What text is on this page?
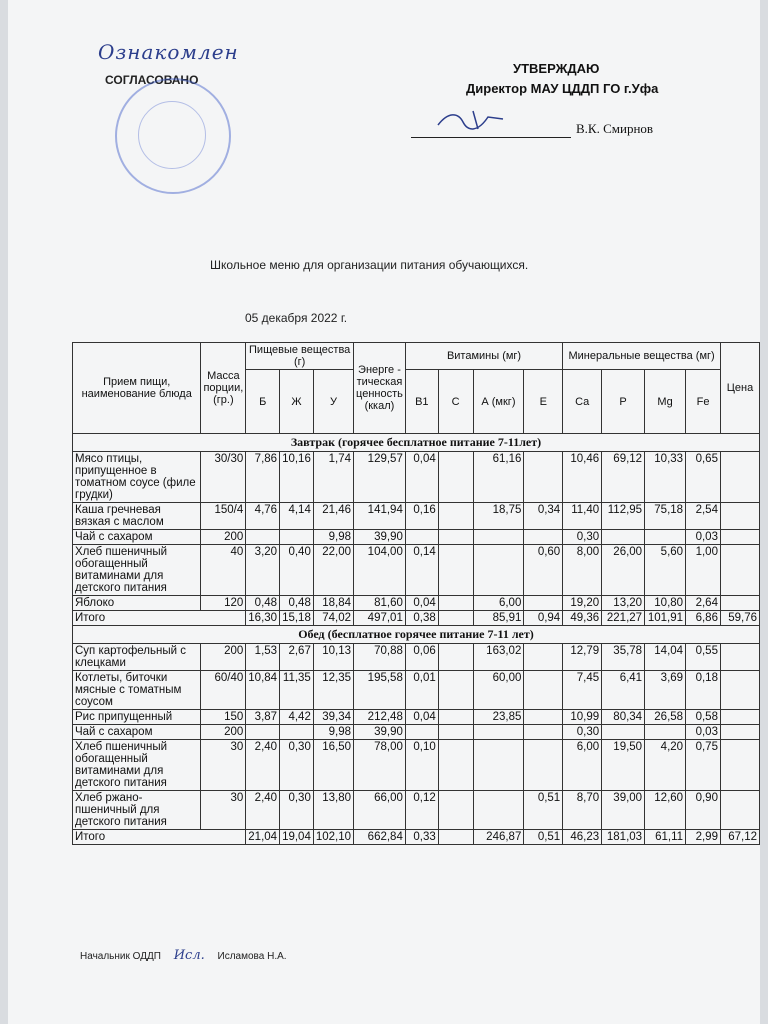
Ознакомлен
СОГЛАСОВАНО
УТВЕРЖДАЮ
Директор МАУ ЦДДП ГО г.Уфа
В.К. Смирнов
Школьное меню для организации питания обучающихся.
05 декабря 2022 г.
Прием пищи, наименование блюда	Масса порции, (гр.)	Пищевые вещества (г)			Энерге - тическая ценность (ккал)	Витамины (мг)				Минеральные вещества (мг)				Цена
		Б	Ж	У		В1	С	А (мкг)	Е	Ca	P	Mg	Fe	
Завтрак (горячее бесплатное питание 7-11лет)														
Мясо птицы, припущенное в томатном соусе (филе грудки)	30/30	7,86	10,16	1,74	129,57	0,04		61,16		10,46	69,12	10,33	0,65	
Каша гречневая вязкая с маслом	150/4	4,76	4,14	21,46	141,94	0,16		18,75	0,34	11,40	112,95	75,18	2,54	
Чай с сахаром	200			9,98	39,90					0,30			0,03	
Хлеб пшеничный обогащенный витаминами для детского питания	40	3,20	0,40	22,00	104,00	0,14			0,60	8,00	26,00	5,60	1,00	
Яблоко	120	0,48	0,48	18,84	81,60	0,04		6,00		19,20	13,20	10,80	2,64	
Итого		16,30	15,18	74,02	497,01	0,38		85,91	0,94	49,36	221,27	101,91	6,86	59,76
Обед (бесплатное горячее питание 7-11 лет)														
Суп картофельный с клецками	200	1,53	2,67	10,13	70,88	0,06		163,02		12,79	35,78	14,04	0,55	
Котлеты, биточки мясные с томатным соусом	60/40	10,84	11,35	12,35	195,58	0,01		60,00		7,45	6,41	3,69	0,18	
Рис припущенный	150	3,87	4,42	39,34	212,48	0,04		23,85		10,99	80,34	26,58	0,58	
Чай с сахаром	200			9,98	39,90					0,30			0,03	
Хлеб пшеничный обогащенный витаминами для детского питания	30	2,40	0,30	16,50	78,00	0,10				6,00	19,50	4,20	0,75	
Хлеб ржано-пшеничный для детского питания	30	2,40	0,30	13,80	66,00	0,12			0,51	8,70	39,00	12,60	0,90	
Итого		21,04	19,04	102,10	662,84	0,33		246,87	0,51	46,23	181,03	61,11	2,99	67,12
Начальник ОДДП Исл. Исламова Н.А.
